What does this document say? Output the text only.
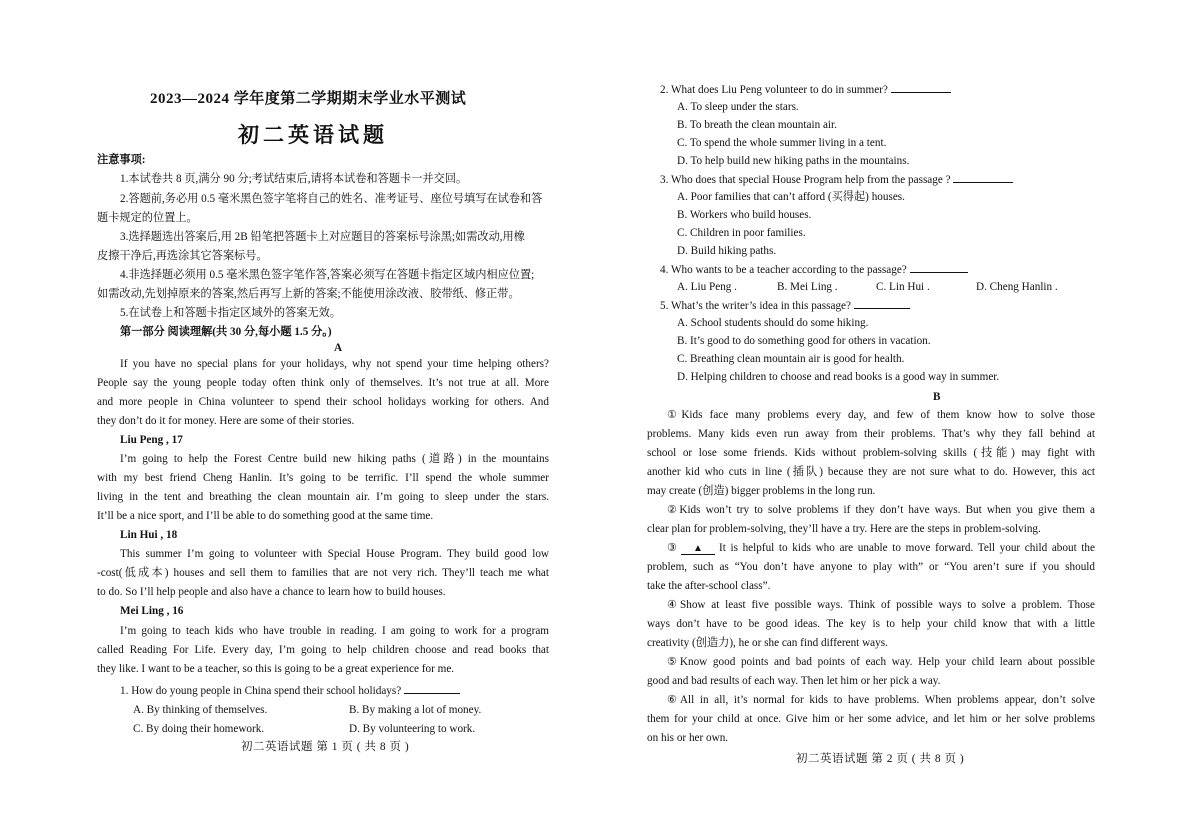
2023—2024 学年度第二学期期末学业水平测试
初二英语试题
注意事项:
1.本试卷共 8 页,满分 90 分;考试结束后,请将本试卷和答题卡一并交回。
2.答题前,务必用 0.5 毫米黑色签字笔将自己的姓名、准考证号、座位号填写在试卷和答
题卡规定的位置上。
3.选择题选出答案后,用 2B 铅笔把答题卡上对应题目的答案标号涂黑;如需改动,用橡
皮擦干净后,再选涂其它答案标号。
4.非选择题必须用 0.5 毫米黑色签字笔作答,答案必须写在答题卡指定区域内相应位置;
如需改动,先划掉原来的答案,然后再写上新的答案;不能使用涂改液、胶带纸、修正带。
5.在试卷上和答题卡指定区域外的答案无效。
第一部分 阅读理解(共 30 分,每小题 1.5 分。)
A
If you have no special plans for your holidays, why not spend your time helping others?
People say the young people today often think only of themselves. It’s not true at all. More
and more people in China volunteer to spend their school holidays working for others. And
they don’t do it for money. Here are some of their stories.
Liu Peng , 17
I’m going to help the Forest Centre build new hiking paths (道路) in the mountains
with my best friend Cheng Hanlin. It’s going to be terrific. I’ll spend the whole summer
living in the tent and breathing the clean mountain air. I’m going to sleep under the stars.
It’ll be a nice sport, and I’ll be able to do something good at the same time.
Lin Hui , 18
This summer I’m going to volunteer with Special House Program. They build good low
-cost(低成本) houses and sell them to families that are not very rich. They’ll teach me what
to do. So I’ll help people and also have a chance to learn how to build houses.
Mei Ling , 16
I’m going to teach kids who have trouble in reading. I am going to work for a program
called Reading For Life. Every day, I’m going to help children choose and read books that
they like. I want to be a teacher, so this is going to be a great experience for me.
1. How do young people in China spend their school holidays?
A. By thinking of themselves.	B. By making a lot of money.
C. By doing their homework.	D. By volunteering to work.
初二英语试题 第 1 页 ( 共 8 页 )
2. What does Liu Peng volunteer to do in summer?
A. To sleep under the stars.
B. To breath the clean mountain air.
C. To spend the whole summer living in a tent.
D. To help build new hiking paths in the mountains.
3. Who does that special House Program help from the passage ?
A. Poor families that can’t afford (买得起) houses.
B. Workers who build houses.
C. Children in poor families.
D. Build hiking paths.
4. Who wants to be a teacher according to the passage?
A. Liu Peng .	B. Mei Ling .	C. Lin Hui .	D. Cheng Hanlin .
5. What’s the writer’s idea in this passage?
A. School students should do some hiking.
B. It’s good to do something good for others in vacation.
C. Breathing clean mountain air is good for health.
D. Helping children to choose and read books is a good way in summer.
B
①Kids face many problems every day, and few of them know how to solve those
problems. Many kids even run away from their problems. That’s why they fall behind at
school or lose some friends. Kids without problem-solving skills (技能) may fight with
another kid who cuts in line (插队) because they are not sure what to do. However, this act
may create (创造) bigger problems in the long run.
②Kids won’t try to solve problems if they don’t have ways. But when you give them a
clear plan for problem-solving, they’ll have a try. Here are the steps in problem-solving.
③	▲	It is helpful to kids who are unable to move forward. Tell your child about the
problem, such as “You don’t have anyone to play with” or “You aren’t sure if you should
take the after-school class”.
④Show at least five possible ways. Think of possible ways to solve a problem. Those
ways don’t have to be good ideas. The key is to help your child know that with a little
creativity (创造力), he or she can find different ways.
⑤Know good points and bad points of each way. Help your child learn about possible
good and bad results of each way. Then let him or her pick a way.
⑥All in all, it’s normal for kids to have problems. When problems appear, don’t solve
them for your child at once. Give him or her some advice, and let him or her solve problems
on his or her own.
初二英语试题 第 2 页 ( 共 8 页 )
